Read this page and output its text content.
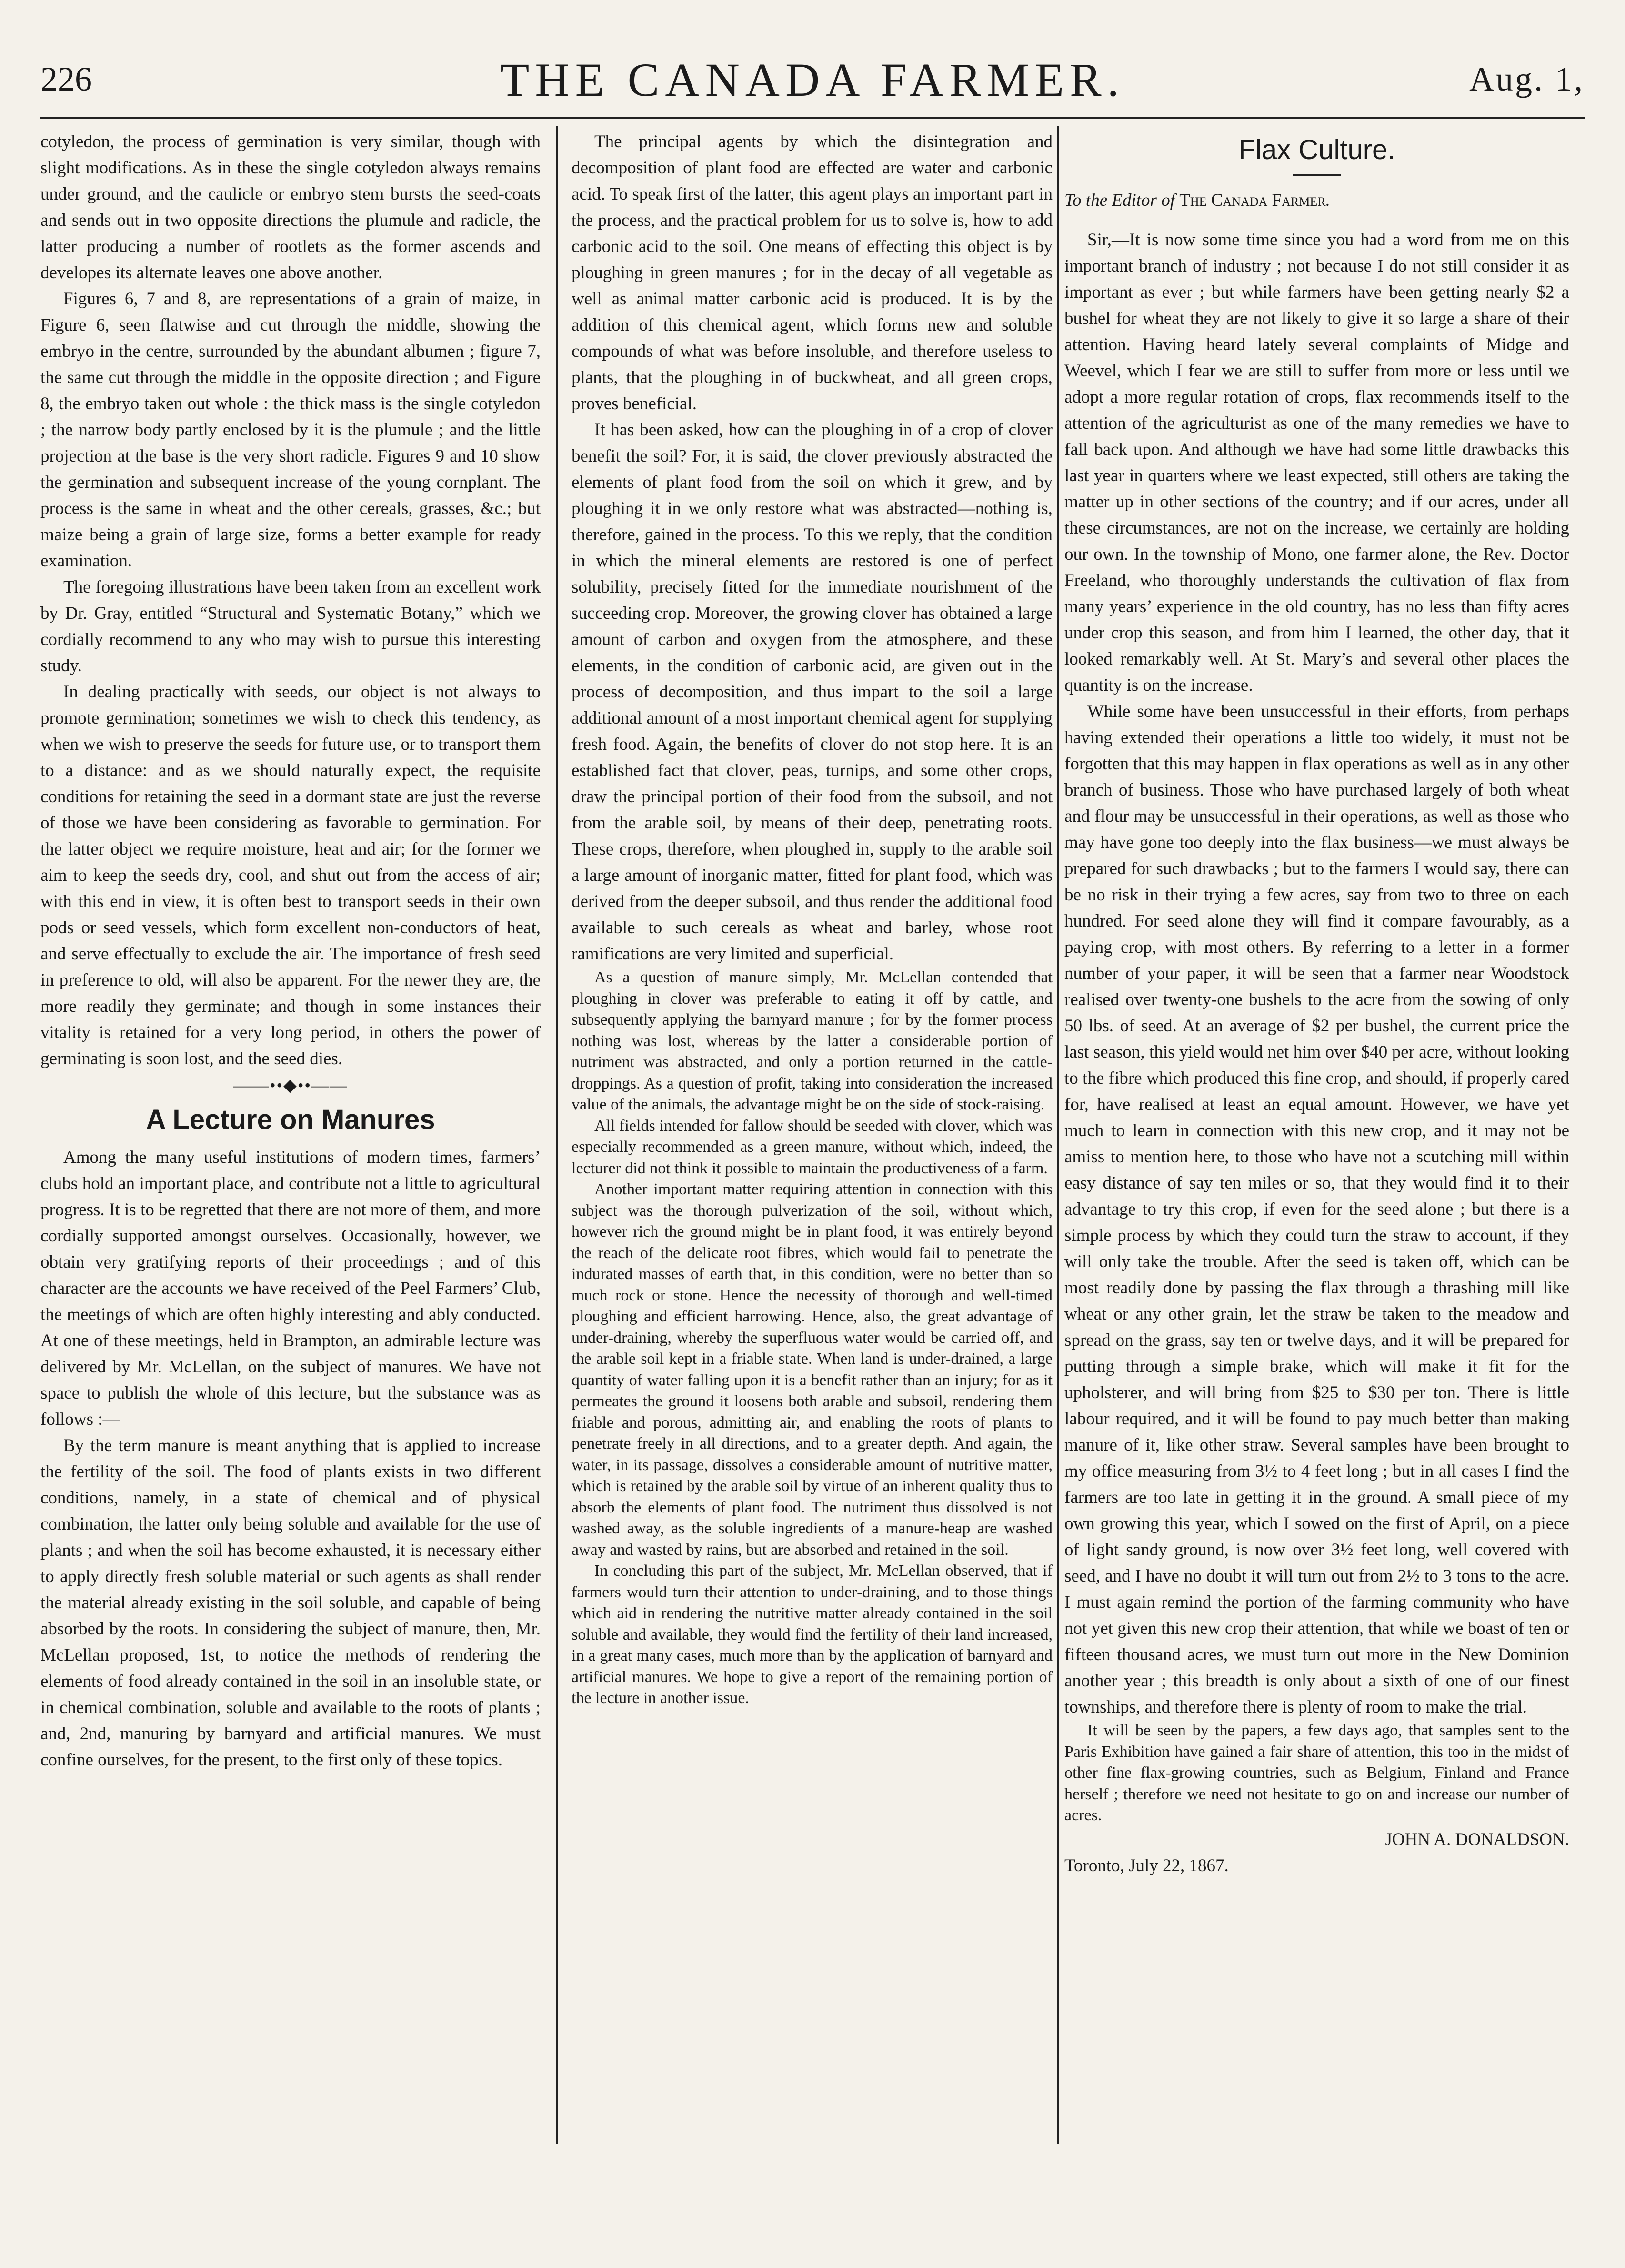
226	THE CANADA FARMER.	Aug. 1,

cotyledon, the process of germination is very similar, though with slight modifications. As in these the single cotyledon always remains under ground, and the caulicle or embryo stem bursts the seed-coats and sends out in two opposite directions the plumule and radicle, the latter producing a number of rootlets as the former ascends and developes its alternate leaves one above another.

Figures 6, 7 and 8, are representations of a grain of maize, in Figure 6, seen flatwise and cut through the middle, showing the embryo in the centre, surrounded by the abundant albumen ; figure 7, the same cut through the middle in the opposite direction ; and Figure 8, the embryo taken out whole : the thick mass is the single cotyledon ; the narrow body partly enclosed by it is the plumule ; and the little projection at the base is the very short radicle. Figures 9 and 10 show the germination and subsequent increase of the young cornplant. The process is the same in wheat and the other cereals, grasses, &c.; but maize being a grain of large size, forms a better example for ready examination.

The foregoing illustrations have been taken from an excellent work by Dr. Gray, entitled “Structural and Systematic Botany,” which we cordially recommend to any who may wish to pursue this interesting study.

In dealing practically with seeds, our object is not always to promote germination; sometimes we wish to check this tendency, as when we wish to preserve the seeds for future use, or to transport them to a distance: and as we should naturally expect, the requisite conditions for retaining the seed in a dormant state are just the reverse of those we have been considering as favorable to germination. For the latter object we require moisture, heat and air; for the former we aim to keep the seeds dry, cool, and shut out from the access of air; with this end in view, it is often best to transport seeds in their own pods or seed vessels, which form excellent non-conductors of heat, and serve effectually to exclude the air. The importance of fresh seed in preference to old, will also be apparent. For the newer they are, the more readily they germinate; and though in some instances their vitality is retained for a very long period, in others the power of germinating is soon lost, and the seed dies.

——••◆••——
A Lecture on Manures

Among the many useful institutions of modern times, farmers’ clubs hold an important place, and contribute not a little to agricultural progress. It is to be regretted that there are not more of them, and more cordially supported amongst ourselves. Occasionally, however, we obtain very gratifying reports of their proceedings ; and of this character are the accounts we have received of the Peel Farmers’ Club, the meetings of which are often highly interesting and ably conducted. At one of these meetings, held in Brampton, an admirable lecture was delivered by Mr. McLellan, on the subject of manures. We have not space to publish the whole of this lecture, but the substance was as follows :—

By the term manure is meant anything that is applied to increase the fertility of the soil. The food of plants exists in two different conditions, namely, in a state of chemical and of physical combination, the latter only being soluble and available for the use of plants ; and when the soil has become exhausted, it is necessary either to apply directly fresh soluble material or such agents as shall render the material already existing in the soil soluble, and capable of being absorbed by the roots. In considering the subject of manure, then, Mr. McLellan proposed, 1st, to notice the methods of rendering the elements of food already contained in the soil in an insoluble state, or in chemical combination, soluble and available to the roots of plants ; and, 2nd, manuring by barnyard and artificial manures. We must confine ourselves, for the present, to the first only of these topics.

The principal agents by which the disintegration and decomposition of plant food are effected are water and carbonic acid. To speak first of the latter, this agent plays an important part in the process, and the practical problem for us to solve is, how to add carbonic acid to the soil. One means of effecting this object is by ploughing in green manures ; for in the decay of all vegetable as well as animal matter carbonic acid is produced. It is by the addition of this chemical agent, which forms new and soluble compounds of what was before insoluble, and therefore useless to plants, that the ploughing in of buckwheat, and all green crops, proves beneficial.

It has been asked, how can the ploughing in of a crop of clover benefit the soil? For, it is said, the clover previously abstracted the elements of plant food from the soil on which it grew, and by ploughing it in we only restore what was abstracted—nothing is, therefore, gained in the process. To this we reply, that the condition in which the mineral elements are restored is one of perfect solubility, precisely fitted for the immediate nourishment of the succeeding crop. Moreover, the growing clover has obtained a large amount of carbon and oxygen from the atmosphere, and these elements, in the condition of carbonic acid, are given out in the process of decomposition, and thus impart to the soil a large additional amount of a most important chemical agent for supplying fresh food. Again, the benefits of clover do not stop here. It is an established fact that clover, peas, turnips, and some other crops, draw the principal portion of their food from the subsoil, and not from the arable soil, by means of their deep, penetrating roots. These crops, therefore, when ploughed in, supply to the arable soil a large amount of inorganic matter, fitted for plant food, which was derived from the deeper subsoil, and thus render the additional food available to such cereals as wheat and barley, whose root ramifications are very limited and superficial.

As a question of manure simply, Mr. McLellan contended that ploughing in clover was preferable to eating it off by cattle, and subsequently applying the barnyard manure ; for by the former process nothing was lost, whereas by the latter a considerable portion of nutriment was abstracted, and only a portion returned in the cattle-droppings. As a question of profit, taking into consideration the increased value of the animals, the advantage might be on the side of stock-raising.

All fields intended for fallow should be seeded with clover, which was especially recommended as a green manure, without which, indeed, the lecturer did not think it possible to maintain the productiveness of a farm.

Another important matter requiring attention in connection with this subject was the thorough pulverization of the soil, without which, however rich the ground might be in plant food, it was entirely beyond the reach of the delicate root fibres, which would fail to penetrate the indurated masses of earth that, in this condition, were no better than so much rock or stone. Hence the necessity of thorough and well-timed ploughing and efficient harrowing. Hence, also, the great advantage of under-draining, whereby the superfluous water would be carried off, and the arable soil kept in a friable state. When land is under-drained, a large quantity of water falling upon it is a benefit rather than an injury; for as it permeates the ground it loosens both arable and subsoil, rendering them friable and porous, admitting air, and enabling the roots of plants to penetrate freely in all directions, and to a greater depth. And again, the water, in its passage, dissolves a considerable amount of nutritive matter, which is retained by the arable soil by virtue of an inherent quality thus to absorb the elements of plant food. The nutriment thus dissolved is not washed away, as the soluble ingredients of a manure-heap are washed away and wasted by rains, but are absorbed and retained in the soil.

In concluding this part of the subject, Mr. McLellan observed, that if farmers would turn their attention to under-draining, and to those things which aid in rendering the nutritive matter already contained in the soil soluble and available, they would find the fertility of their land increased, in a great many cases, much more than by the application of barnyard and artificial manures. We hope to give a report of the remaining portion of the lecture in another issue.

Flax Culture.

To the Editor of The Canada Farmer.

Sir,—It is now some time since you had a word from me on this important branch of industry ; not because I do not still consider it as important as ever ; but while farmers have been getting nearly $2 a bushel for wheat they are not likely to give it so large a share of their attention. Having heard lately several complaints of Midge and Weevel, which I fear we are still to suffer from more or less until we adopt a more regular rotation of crops, flax recommends itself to the attention of the agriculturist as one of the many remedies we have to fall back upon. And although we have had some little drawbacks this last year in quarters where we least expected, still others are taking the matter up in other sections of the country; and if our acres, under all these circumstances, are not on the increase, we certainly are holding our own. In the township of Mono, one farmer alone, the Rev. Doctor Freeland, who thoroughly understands the cultivation of flax from many years’ experience in the old country, has no less than fifty acres under crop this season, and from him I learned, the other day, that it looked remarkably well. At St. Mary’s and several other places the quantity is on the increase.

While some have been unsuccessful in their efforts, from perhaps having extended their operations a little too widely, it must not be forgotten that this may happen in flax operations as well as in any other branch of business. Those who have purchased largely of both wheat and flour may be unsuccessful in their operations, as well as those who may have gone too deeply into the flax business—we must always be prepared for such drawbacks ; but to the farmers I would say, there can be no risk in their trying a few acres, say from two to three on each hundred. For seed alone they will find it compare favourably, as a paying crop, with most others. By referring to a letter in a former number of your paper, it will be seen that a farmer near Woodstock realised over twenty-one bushels to the acre from the sowing of only 50 lbs. of seed. At an average of $2 per bushel, the current price the last season, this yield would net him over $40 per acre, without looking to the fibre which produced this fine crop, and should, if properly cared for, have realised at least an equal amount. However, we have yet much to learn in connection with this new crop, and it may not be amiss to mention here, to those who have not a scutching mill within easy distance of say ten miles or so, that they would find it to their advantage to try this crop, if even for the seed alone ; but there is a simple process by which they could turn the straw to account, if they will only take the trouble. After the seed is taken off, which can be most readily done by passing the flax through a thrashing mill like wheat or any other grain, let the straw be taken to the meadow and spread on the grass, say ten or twelve days, and it will be prepared for putting through a simple brake, which will make it fit for the upholsterer, and will bring from $25 to $30 per ton. There is little labour required, and it will be found to pay much better than making manure of it, like other straw. Several samples have been brought to my office measuring from 3½ to 4 feet long ; but in all cases I find the farmers are too late in getting it in the ground. A small piece of my own growing this year, which I sowed on the first of April, on a piece of light sandy ground, is now over 3½ feet long, well covered with seed, and I have no doubt it will turn out from 2½ to 3 tons to the acre. I must again remind the portion of the farming community who have not yet given this new crop their attention, that while we boast of ten or fifteen thousand acres, we must turn out more in the New Dominion another year ; this breadth is only about a sixth of one of our finest townships, and therefore there is plenty of room to make the trial.

It will be seen by the papers, a few days ago, that samples sent to the Paris Exhibition have gained a fair share of attention, this too in the midst of other fine flax-growing countries, such as Belgium, Finland and France herself ; therefore we need not hesitate to go on and increase our number of acres.

JOHN A. DONALDSON.

Toronto, July 22, 1867.
